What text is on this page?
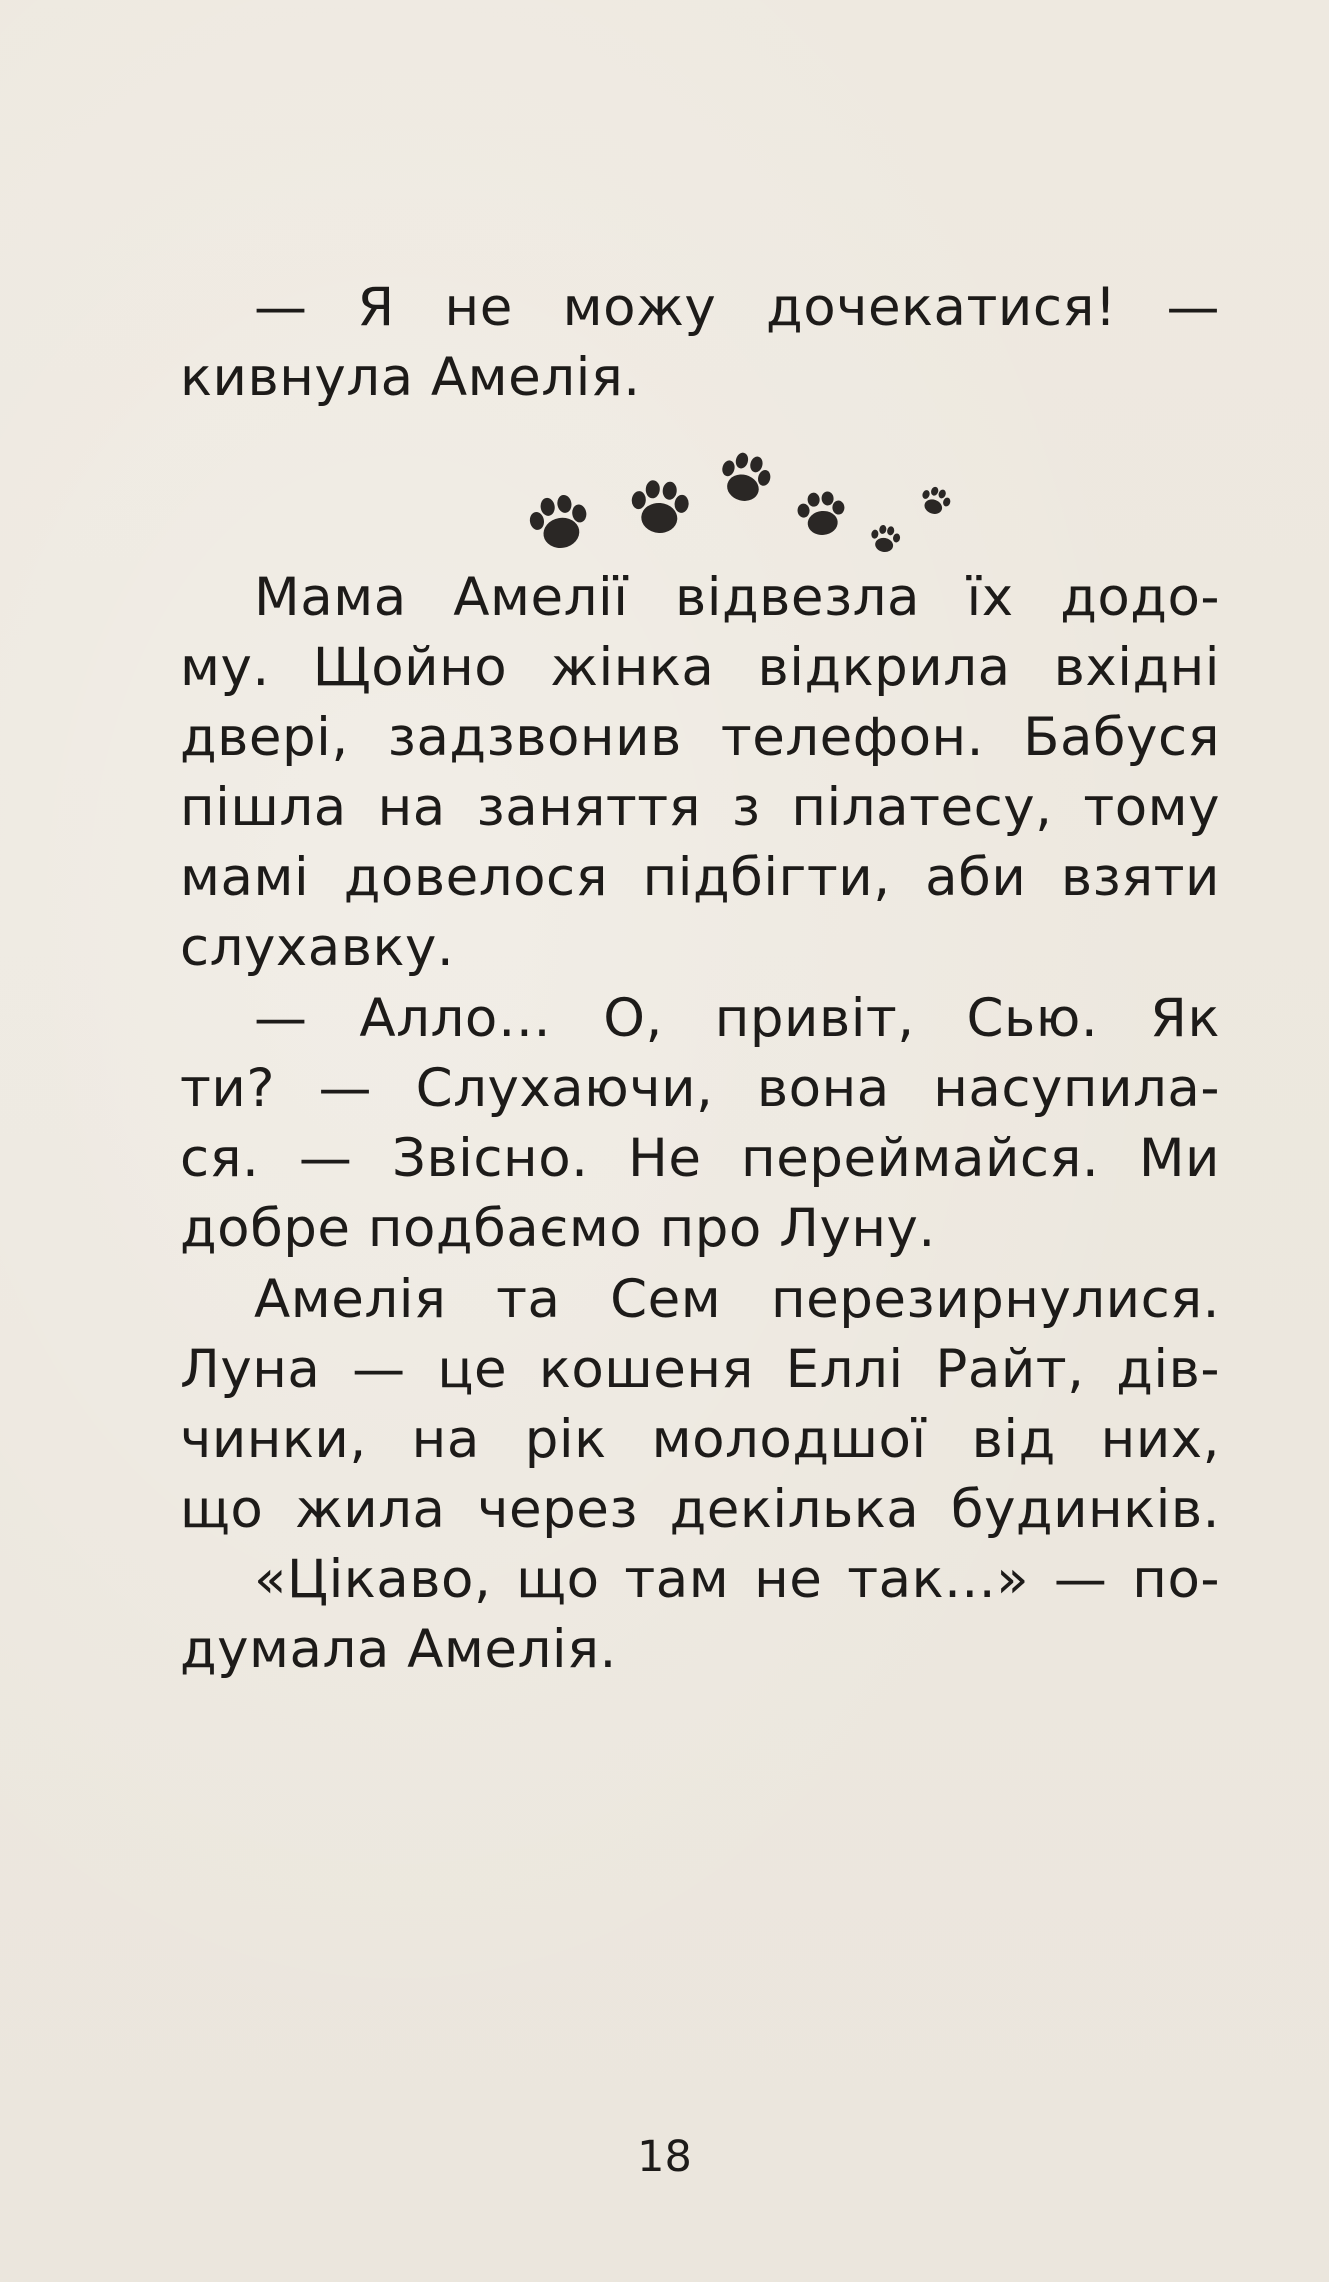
— Я не можу дочекатися! —
кивнула Амелія.
Мама Амелії відвезла їх додо-
му. Щойно жінка відкрила вхідні
двері, задзвонив телефон. Бабуся
пішла на заняття з пілатесу, тому
мамі довелося підбігти, аби взяти
слухавку.
— Алло… О, привіт, Сью. Як
ти? — Слухаючи, вона насупила-
ся. — Звісно. Не переймайся. Ми
добре подбаємо про Луну.
Амелія та Сем перезирнулися.
Луна — це кошеня Еллі Райт, дів-
чинки, на рік молодшої від них,
що жила через декілька будинків.
«Цікаво, що там не так...» — по-
думала Амелія.
18
